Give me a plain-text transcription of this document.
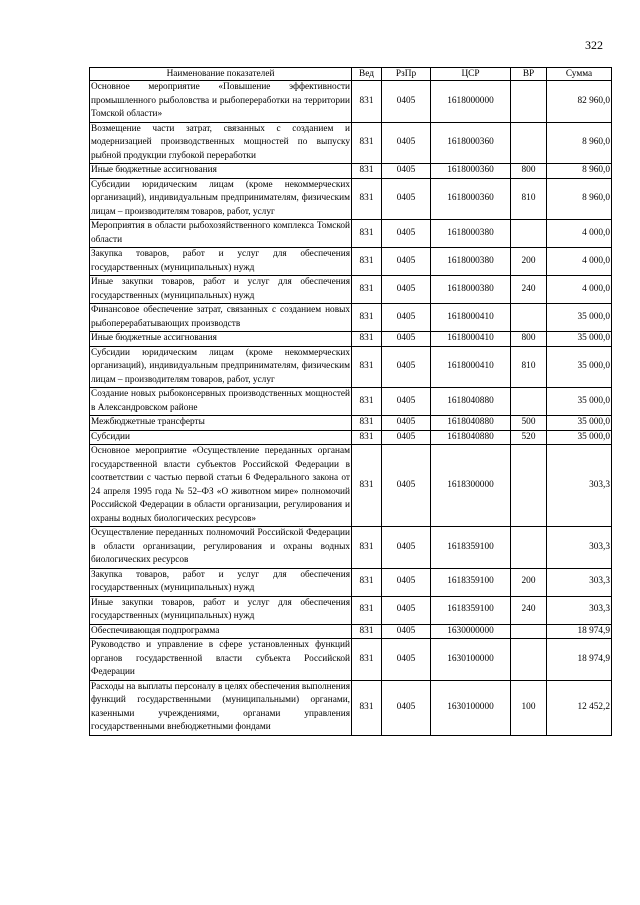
322
Наименование показателей	Вед	РзПр	ЦСР	ВР	Сумма
Основное мероприятие «Повышение эффективности промышленного рыболовства и рыбопереработки на территории Томской области»	831	0405	1618000000		82 960,0
Возмещение части затрат, связанных с созданием и модернизацией производственных мощностей по выпуску рыбной продукции глубокой переработки	831	0405	1618000360		8 960,0
Иные бюджетные ассигнования	831	0405	1618000360	800	8 960,0
Субсидии юридическим лицам (кроме некоммерческих организаций), индивидуальным предпринимателям, физическим лицам – производителям товаров, работ, услуг	831	0405	1618000360	810	8 960,0
Мероприятия в области рыбохозяйственного комплекса Томской области	831	0405	1618000380		4 000,0
Закупка товаров, работ и услуг для обеспечения государственных (муниципальных) нужд	831	0405	1618000380	200	4 000,0
Иные закупки товаров, работ и услуг для обеспечения государственных (муниципальных) нужд	831	0405	1618000380	240	4 000,0
Финансовое обеспечение затрат, связанных с созданием новых рыбоперерабатывающих производств	831	0405	1618000410		35 000,0
Иные бюджетные ассигнования	831	0405	1618000410	800	35 000,0
Субсидии юридическим лицам (кроме некоммерческих организаций), индивидуальным предпринимателям, физическим лицам – производителям товаров, работ, услуг	831	0405	1618000410	810	35 000,0
Создание новых рыбоконсервных производственных мощностей в Александровском районе	831	0405	1618040880		35 000,0
Межбюджетные трансферты	831	0405	1618040880	500	35 000,0
Субсидии	831	0405	1618040880	520	35 000,0
Основное мероприятие «Осуществление переданных органам государственной власти субъектов Российской Федерации в соответствии с частью первой статьи 6 Федерального закона от 24 апреля 1995 года № 52–ФЗ «О животном мире» полномочий Российской Федерации в области организации, регулирования и охраны водных биологических ресурсов»	831	0405	1618300000		303,3
Осуществление переданных полномочий Российской Федерации в области организации, регулирования и охраны водных биологических ресурсов	831	0405	1618359100		303,3
Закупка товаров, работ и услуг для обеспечения государственных (муниципальных) нужд	831	0405	1618359100	200	303,3
Иные закупки товаров, работ и услуг для обеспечения государственных (муниципальных) нужд	831	0405	1618359100	240	303,3
Обеспечивающая подпрограмма	831	0405	1630000000		18 974,9
Руководство и управление в сфере установленных функций органов государственной власти субъекта Российской Федерации	831	0405	1630100000		18 974,9
Расходы на выплаты персоналу в целях обеспечения выполнения функций государственными (муниципальными) органами, казенными учреждениями, органами управления государственными внебюджетными фондами	831	0405	1630100000	100	12 452,2
